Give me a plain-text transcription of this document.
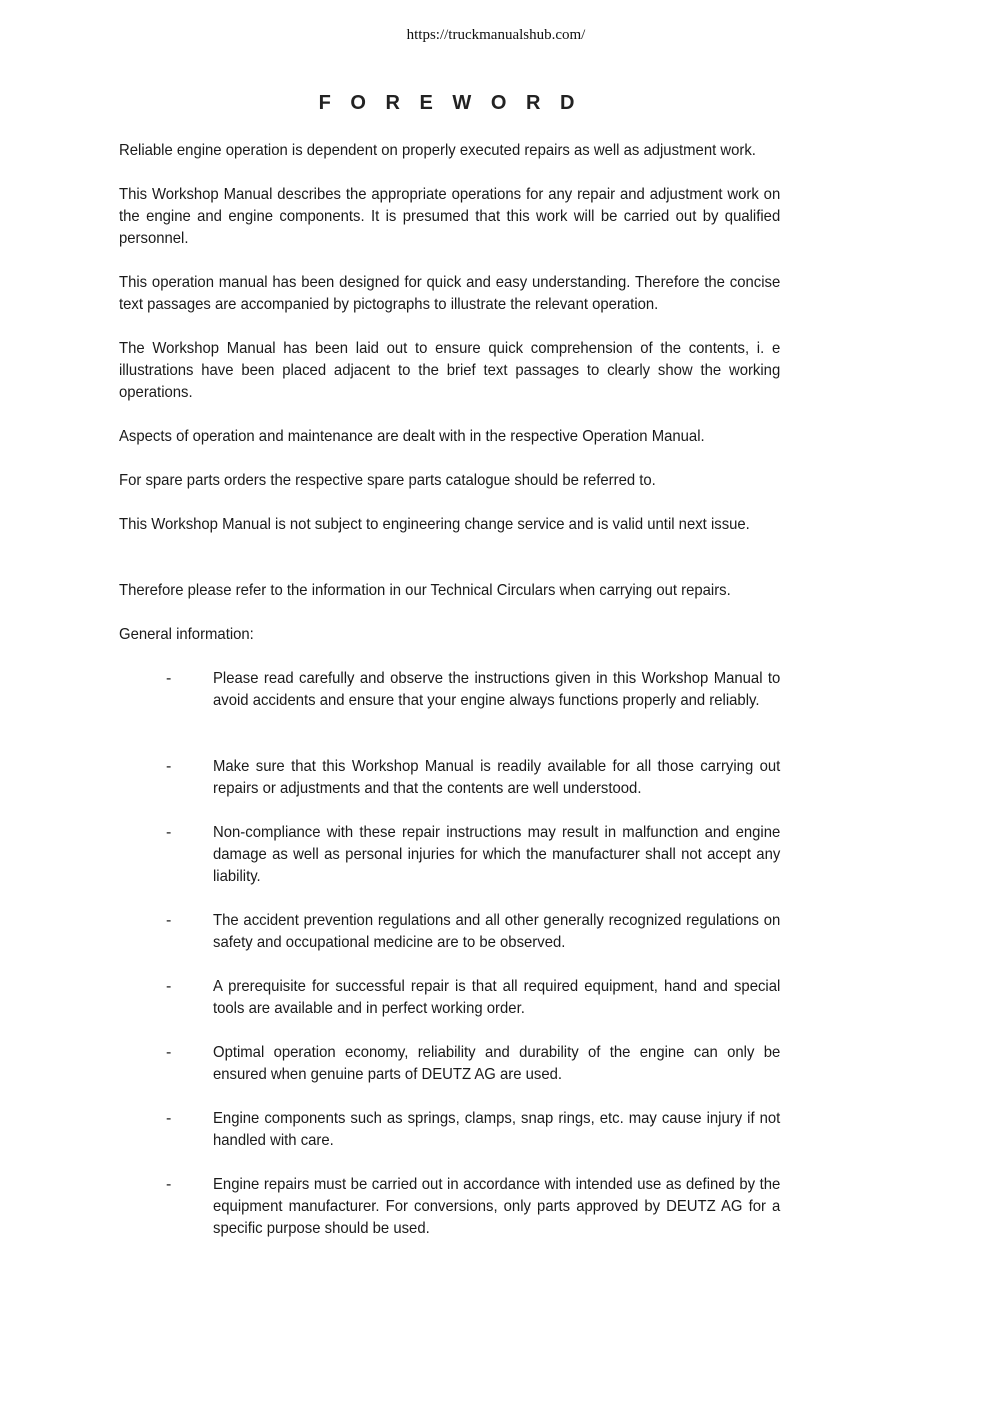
https://truckmanualshub.com/
F O R E W O R D

Reliable engine operation is dependent on properly executed repairs as well as adjustment work.

This Workshop Manual describes the appropriate operations for any repair and adjustment work on the engine and engine components. It is presumed that this work will be carried out by qualified personnel.

This operation manual has been designed for quick and easy understanding. Therefore the concise text passages are accompanied by pictographs to illustrate the relevant operation.

The Workshop Manual has been laid out to ensure quick comprehension of the contents, i. e illustrations have been placed adjacent to the brief text passages to clearly show the working operations.

Aspects of operation and maintenance are dealt with in the respective Operation Manual.

For spare parts orders the respective spare parts catalogue should be referred to.

This Workshop Manual is not subject to engineering change service and is valid until next issue.

Therefore please refer to the information in our Technical Circulars when carrying out repairs.

General information:

-	Please read carefully and observe the instructions given in this Workshop Manual to avoid accidents and ensure that your engine always functions properly and reliably.

-	Make sure that this Workshop Manual is readily available for all those carrying out repairs or adjustments and that the contents are well understood.

-	Non-compliance with these repair instructions may result in malfunction and engine damage as well as personal injuries for which the manufacturer shall not accept any liability.

-	The accident prevention regulations and all other generally recognized regulations on safety and occupational medicine are to be observed.

-	A prerequisite for successful repair is that all required equipment, hand and special tools are available and in perfect working order.

-	Optimal operation economy, reliability and durability of the engine can only be ensured when genuine parts of DEUTZ AG are used.

-	Engine components such as springs, clamps, snap rings, etc. may cause injury if not handled with care.

-	Engine repairs must be carried out in accordance with intended use as defined by the equipment manufacturer. For conversions, only parts approved by DEUTZ AG for a specific purpose should be used.
